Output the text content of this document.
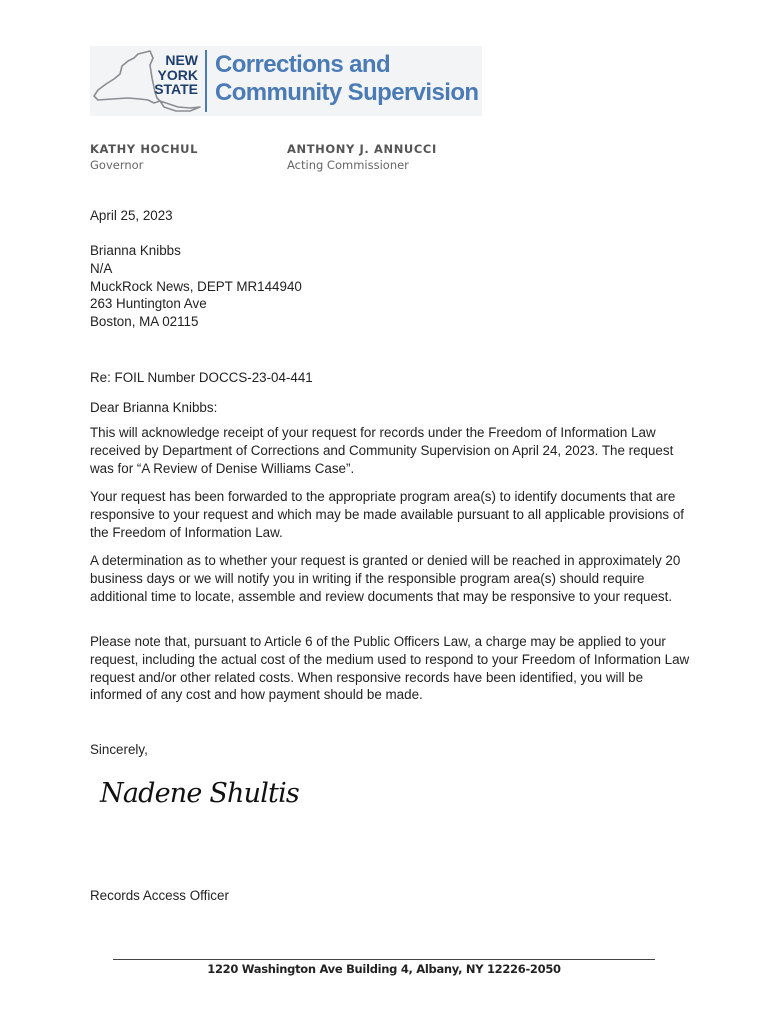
NEW
YORK
STATE
Corrections and
Community Supervision
KATHY HOCHUL
Governor
ANTHONY J. ANNUCCI
Acting Commissioner
April 25, 2023
Brianna Knibbs
N/A
MuckRock News, DEPT MR144940
263 Huntington Ave
Boston, MA 02115
Re: FOIL Number DOCCS-23-04-441
Dear Brianna Knibbs:

This will acknowledge receipt of your request for records under the Freedom of Information Law received by Department of Corrections and Community Supervision on April 24, 2023. The request was for “A Review of Denise Williams Case”.

Your request has been forwarded to the appropriate program area(s) to identify documents that are responsive to your request and which may be made available pursuant to all applicable provisions of the Freedom of Information Law.

A determination as to whether your request is granted or denied will be reached in approximately 20 business days or we will notify you in writing if the responsible program area(s) should require additional time to locate, assemble and review documents that may be responsive to your request.

Please note that, pursuant to Article 6 of the Public Officers Law, a charge may be applied to your request, including the actual cost of the medium used to respond to your Freedom of Information Law request and/or other related costs. When responsive records have been identified, you will be informed of any cost and how payment should be made.

Sincerely,
Nadene Shultis
Records Access Officer
1220 Washington Ave Building 4, Albany, NY 12226-2050
